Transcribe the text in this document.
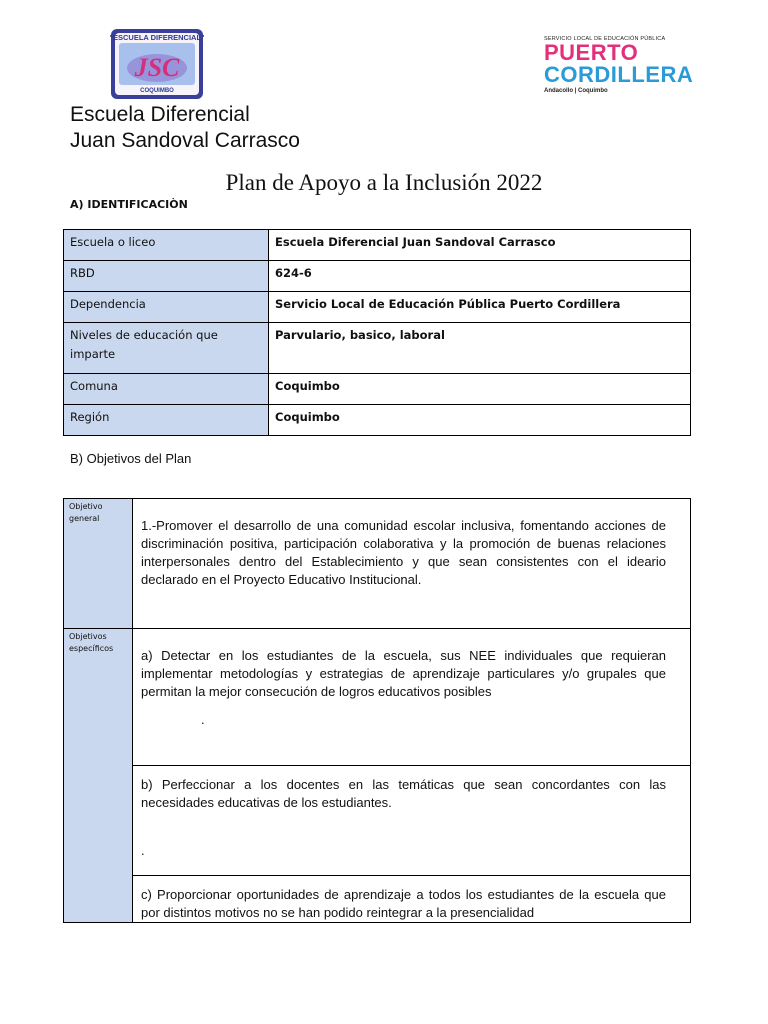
"ESCUELA DIFERENCIAL"
JSC
COQUIMBO
SERVICIO LOCAL DE EDUCACIÓN PÚBLICA
PUERTO
CORDILLERA
Andacollo | Coquimbo
Escuela Diferencial
Juan Sandoval Carrasco
Plan de Apoyo a la Inclusión 2022
A) IDENTIFICACIÒN
Escuela o liceo	Escuela Diferencial Juan Sandoval Carrasco
RBD	624-6
Dependencia	Servicio Local de Educación Pública Puerto Cordillera
Niveles de educación que imparte	Parvulario, basico, laboral
Comuna	Coquimbo
Región	Coquimbo
B) Objetivos del Plan
Objetivo general	1.-Promover el desarrollo de una comunidad escolar inclusiva, fomentando acciones de discriminación positiva, participación colaborativa y la promoción de buenas relaciones interpersonales dentro del Establecimiento y que sean consistentes con el ideario declarado en el Proyecto Educativo Institucional.
Objetivos específicos	a) Detectar en los estudiantes de la escuela, sus NEE individuales que requieran implementar metodologías y estrategias de aprendizaje particulares y/o grupales que permitan la mejor consecución de logros educativos posibles
.

	b) Perfeccionar a los docentes en las temáticas que sean concordantes con las necesidades educativas de los estudiantes.
.

	c) Proporcionar oportunidades de aprendizaje a todos los estudiantes de la escuela que por distintos motivos no se han podido reintegrar a la presencialidad
